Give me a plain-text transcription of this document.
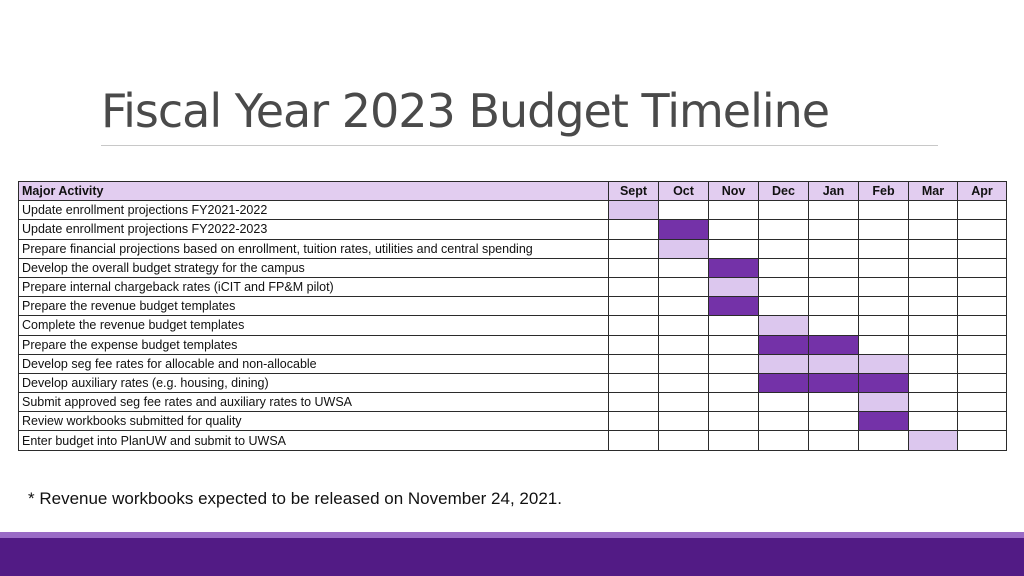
Fiscal Year 2023 Budget Timeline
Major Activity	Sept	Oct	Nov	Dec	Jan	Feb	Mar	Apr
Update enrollment projections FY2021-2022								
Update enrollment projections FY2022-2023								
Prepare financial projections based on enrollment, tuition rates, utilities and central spending								
Develop the overall budget strategy for the campus								
Prepare internal chargeback rates (iCIT and FP&M pilot)								
Prepare the revenue budget templates								
Complete the revenue budget templates								
Prepare the expense budget templates								
Develop seg fee rates for allocable and non-allocable								
Develop auxiliary rates (e.g. housing, dining)								
Submit approved seg fee rates and auxiliary rates to UWSA								
Review workbooks submitted for quality								
Enter budget into PlanUW and submit to UWSA								
* Revenue workbooks expected to be released on November 24, 2021.
